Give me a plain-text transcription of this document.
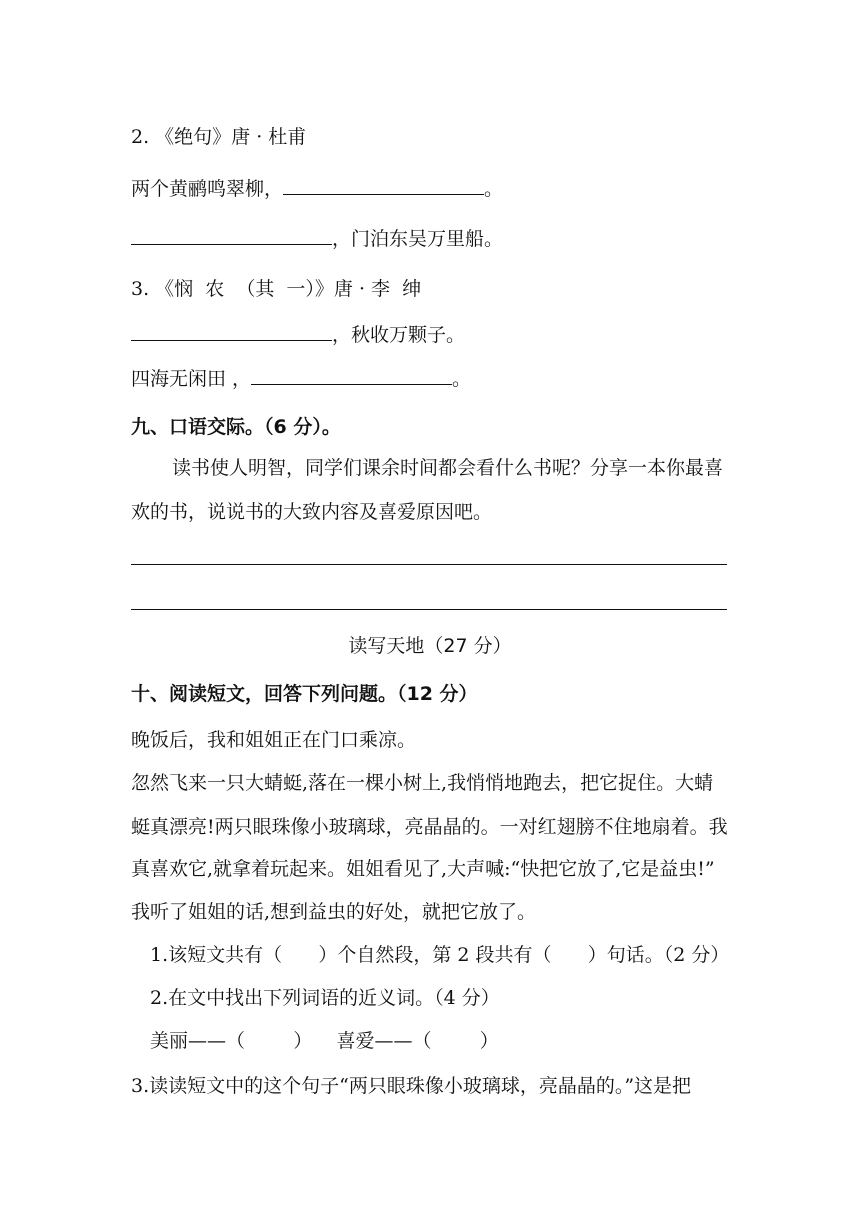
2. 《绝句》唐 · 杜甫
两个黄鹂鸣翠柳，	。
，门泊东吴万里船。
3. 《悯  农  （其  一）》唐 · 李  绅
，秋收万颗子。
四海无闲田 ，	。
九、口语交际。（6 分）。
读书使人明智，同学们课余时间都会看什么书呢？分享一本你最喜
欢的书，说说书的大致内容及喜爱原因吧。
读写天地（27 分）
十、阅读短文，回答下列问题。（12 分）
晚饭后，我和姐姐正在门口乘凉。
忽然飞来一只大蜻蜓,落在一棵小树上,我悄悄地跑去，把它捉住。大蜻
蜓真漂亮!两只眼珠像小玻璃球，亮晶晶的。一对红翅膀不住地扇着。我
真喜欢它,就拿着玩起来。姐姐看见了,大声喊:“快把它放了,它是益虫!”
我听了姐姐的话,想到益虫的好处，就把它放了。
1.该短文共有（      ）个自然段，第 2 段共有（      ）句话。（2 分）
2.在文中找出下列词语的近义词。（4 分）
美丽——（        ）    喜爱——（        ）
3.读读短文中的这个句子“两只眼珠像小玻璃球，亮晶晶的。”这是把
